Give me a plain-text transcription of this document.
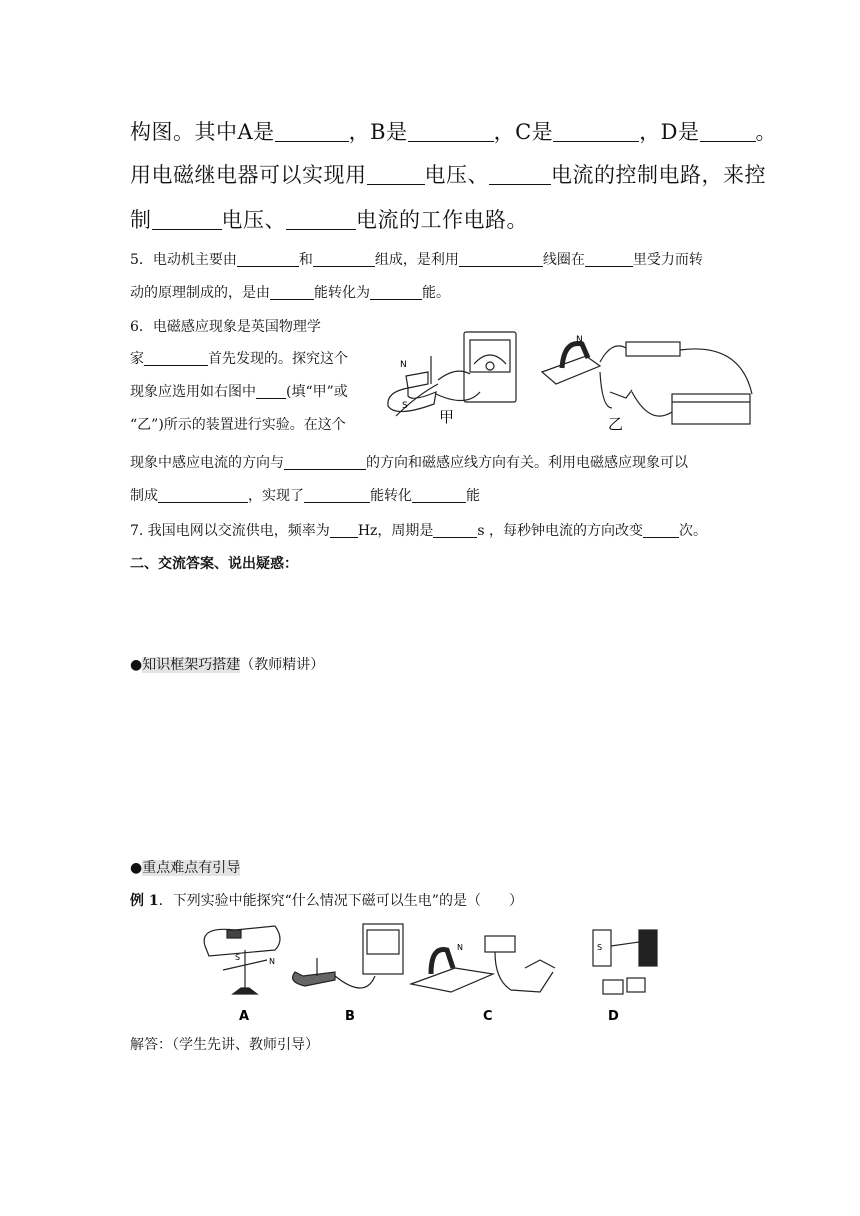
构图。其中A是	，B是	，C是	，D是	。
用电磁继电器可以实现用	电压、	电流的控制电路，来控
制	电压、	电流的工作电路。
5．电动机主要由	和	组成，是利用	线圈在	里受力而转
动的原理制成的，是由	能转化为	能。
6．电磁感应现象是英国物理学
家	首先发现的。探究这个
现象应选用如右图中 (填“甲”或
“乙”)所示的装置进行实验。在这个
现象中感应电流的方向与	的方向和磁感应线方向有关。利用电磁感应现象可以
制成	，实现了	能转化	能
N
S
甲
N
乙
7. 我国电网以交流供电，频率为 Hz，周期是	s ，每秒钟电流的方向改变	次。
二、交流答案、说出疑惑：
●知识框架巧搭建（教师精讲）
●重点难点有引导
例 1．下列实验中能探究“什么情况下磁可以生电”的是（　　）
S	N
N	S
A	B	C	D
解答：（学生先讲、教师引导）
